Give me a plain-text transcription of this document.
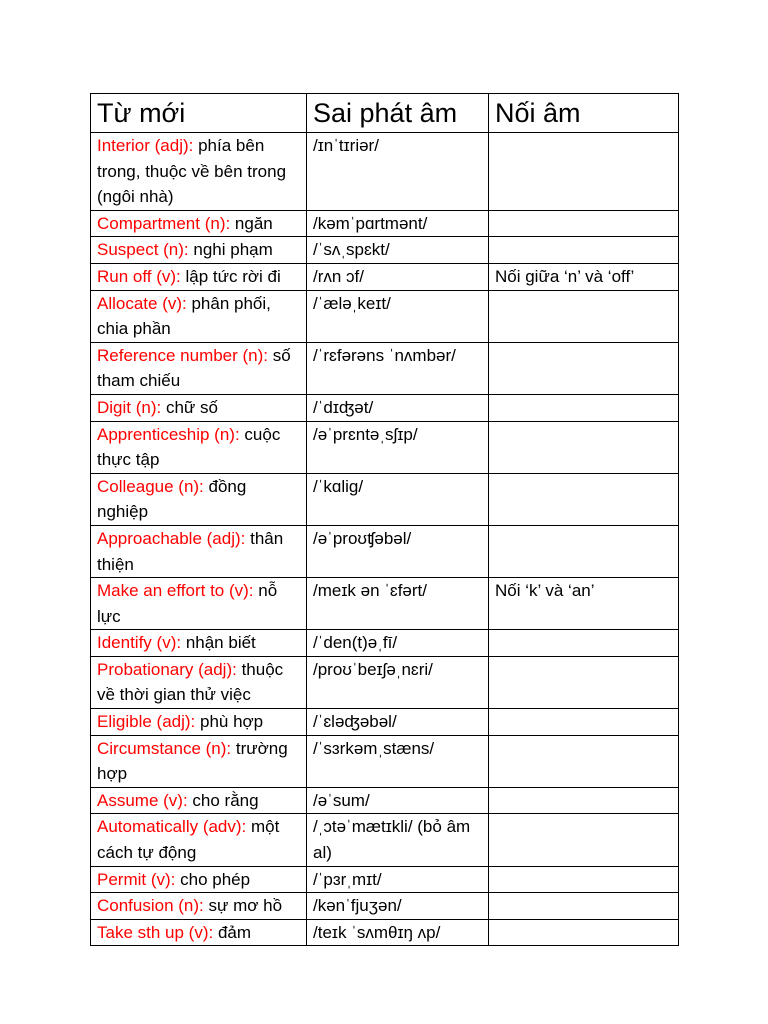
Từ mới	Sai phát âm	Nối âm
Interior (adj): phía bên trong, thuộc về bên trong (ngôi nhà)	/ɪnˈtɪriər/	
Compartment (n): ngăn	/kəmˈpɑrtmənt/	
Suspect (n): nghi phạm	/ˈsʌˌspɛkt/	
Run off (v): lập tức rời đi	/rʌn ɔf/	Nối giữa ‘n’ và ‘off’
Allocate (v): phân phối, chia phần	/ˈæləˌkeɪt/	
Reference number (n): số tham chiếu	/ˈrɛfərəns ˈnʌmbər/	
Digit (n): chữ số	/ˈdɪʤət/	
Apprenticeship (n): cuộc thực tập	/əˈprɛntəˌsʃɪp/	
Colleague (n): đồng nghiệp	/ˈkɑlig/	
Approachable (adj): thân thiện	/əˈproʊʧəbəl/	
Make an effort to (v): nỗ lực	/meɪk ən ˈɛfərt/	Nối ‘k’ và ‘an’
Identify (v): nhận biết	/ˈden(t)əˌfī/	
Probationary (adj): thuộc về thời gian thử việc	/proʊˈbeɪʃəˌnɛri/	
Eligible (adj): phù hợp	/ˈɛləʤəbəl/	
Circumstance (n): trường hợp	/ˈsɜrkəmˌstæns/	
Assume (v): cho rằng	/əˈsum/	
Automatically (adv): một cách tự động	/ˌɔtəˈmætɪkli/ (bỏ âm al)	
Permit (v): cho phép	/ˈpɜrˌmɪt/	
Confusion (n): sự mơ hồ	/kənˈfjuʒən/	
Take sth up (v): đảm	/teɪk ˈsʌmθɪŋ ʌp/	
